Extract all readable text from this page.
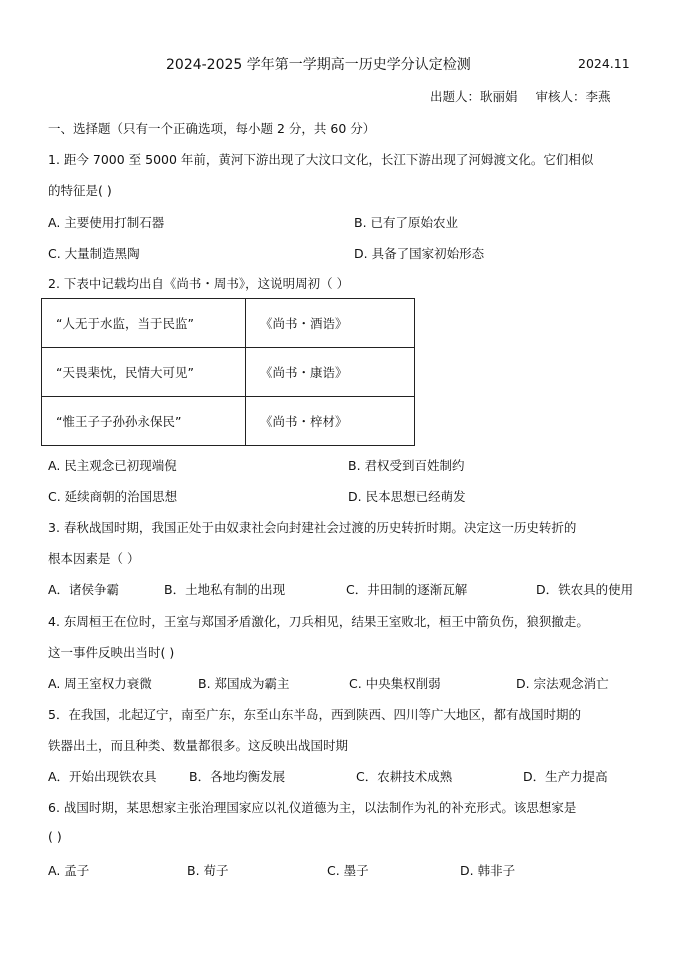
2024-2025 学年第一学期高一历史学分认定检测	2024.11
出题人：耿丽娟 审核人：李燕
一、选择题（只有一个正确选项，每小题 2 分，共 60 分）
1. 距今 7000 至 5000 年前，黄河下游出现了大汶口文化，长江下游出现了河姆渡文化。它们相似
的特征是( )
A. 主要使用打制石器	B. 已有了原始农业
C. 大量制造黑陶	D. 具备了国家初始形态
2. 下表中记载均出自《尚书・周书》，这说明周初（ ）
“人无于水监，当于民监”	《尚书・酒诰》
“天畏棐忱，民情大可见”	《尚书・康诰》
“惟王子子孙孙永保民”	《尚书・梓材》
A. 民主观念已初现端倪	B. 君权受到百姓制约
C. 延续商朝的治国思想	D. 民本思想已经萌发
3. 春秋战国时期，我国正处于由奴隶社会向封建社会过渡的历史转折时期。决定这一历史转折的
根本因素是（ ）
A．诸侯争霸	B．土地私有制的出现	C．井田制的逐渐瓦解	D．铁农具的使用
4. 东周桓王在位时，王室与郑国矛盾激化，刀兵相见，结果王室败北，桓王中箭负伤，狼狈撤走。
这一事件反映出当时( )
A. 周王室权力衰微	B. 郑国成为霸主	C. 中央集权削弱	D. 宗法观念消亡
5．在我国，北起辽宁，南至广东，东至山东半岛，西到陕西、四川等广大地区，都有战国时期的
铁器出土，而且种类、数量都很多。这反映出战国时期
A．开始出现铁农具	B．各地均衡发展	C．农耕技术成熟	D．生产力提高
6. 战国时期，某思想家主张治理国家应以礼仪道德为主，以法制作为礼的补充形式。该思想家是
( )
A. 孟子	B. 荀子	C. 墨子	D. 韩非子
